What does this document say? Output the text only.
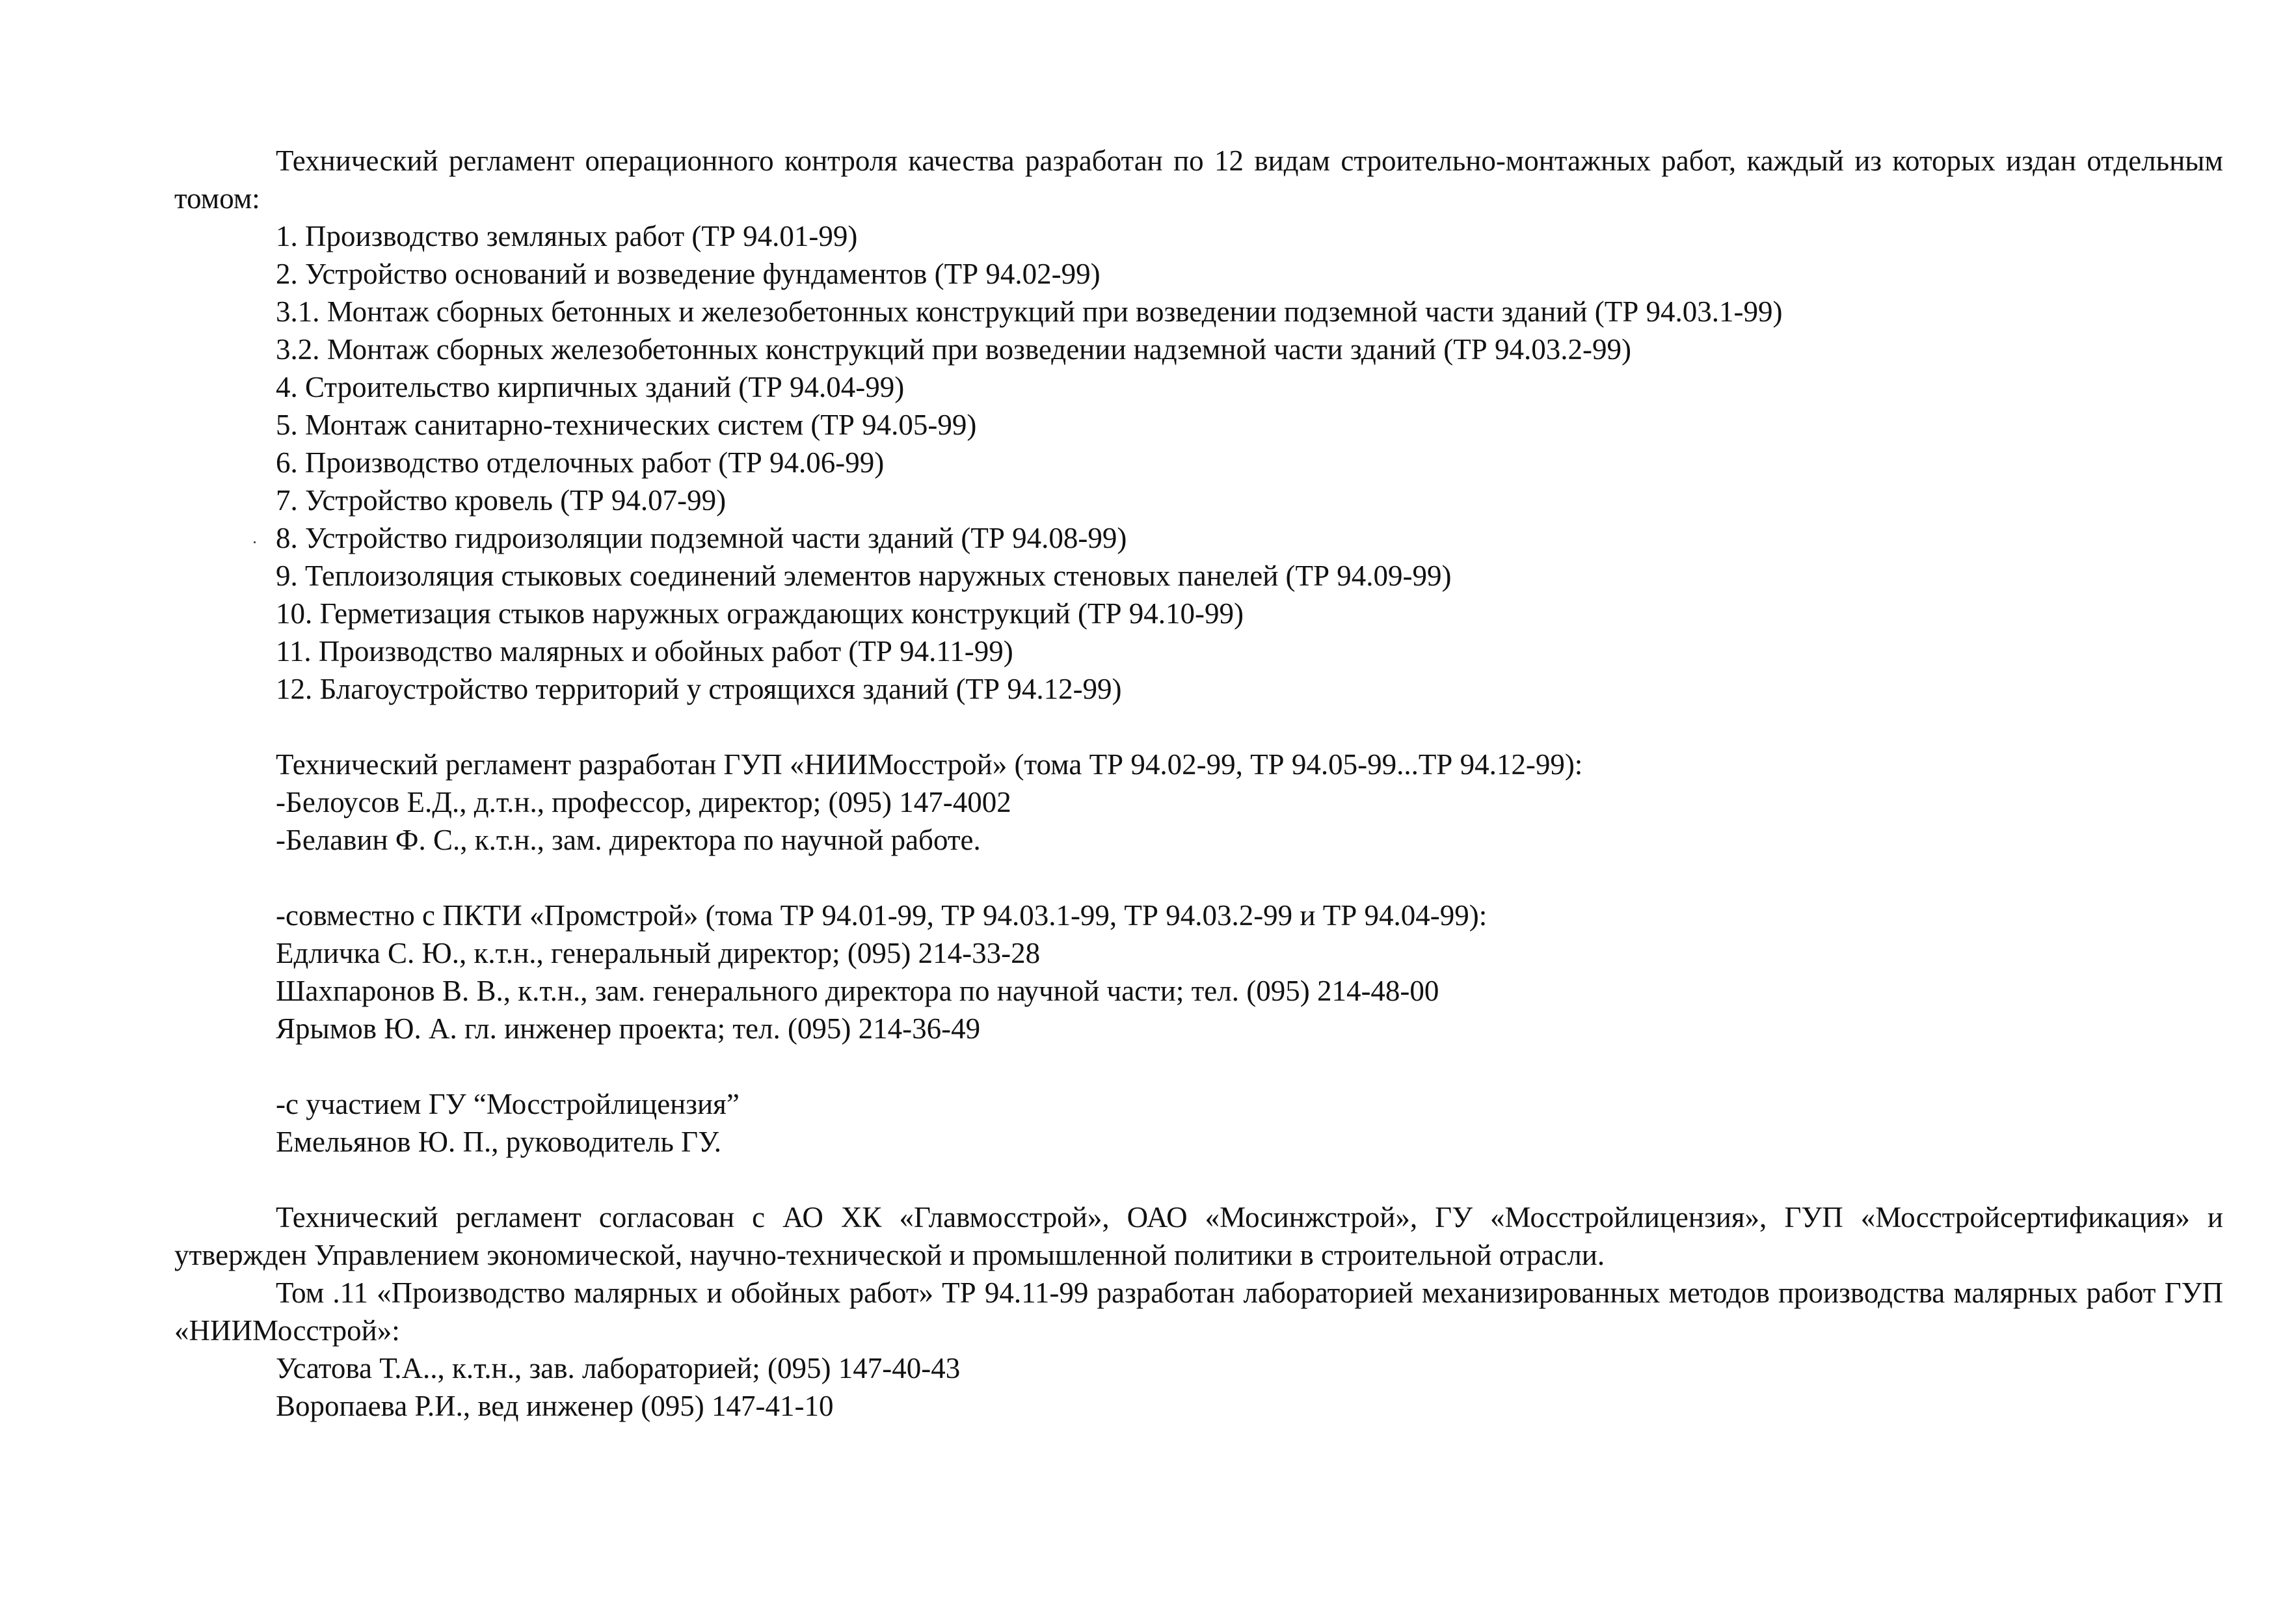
Технический регламент операционного контроля качества разработан по 12 видам строительно-монтажных работ, каждый из которых издан отдельным томом:
1. Производство земляных работ (ТР 94.01-99)
2. Устройство оснований и возведение фундаментов (ТР 94.02-99)
3.1. Монтаж сборных бетонных и железобетонных конструкций при возведении подземной части зданий (ТР 94.03.1-99)
3.2. Монтаж сборных железобетонных конструкций при возведении надземной части зданий (ТР 94.03.2-99)
4. Строительство кирпичных зданий (ТР 94.04-99)
5. Монтаж санитарно-технических систем (ТР 94.05-99)
6. Производство отделочных работ (ТР 94.06-99)
7. Устройство кровель (ТР 94.07-99)
8. Устройство гидроизоляции подземной части зданий (ТР 94.08-99)
9. Теплоизоляция стыковых соединений элементов наружных стеновых панелей (ТР 94.09-99)
10. Герметизация стыков наружных ограждающих конструкций (ТР 94.10-99)
11. Производство малярных и обойных работ (ТР 94.11-99)
12. Благоустройство территорий у строящихся зданий (ТР 94.12-99)
Технический регламент разработан ГУП «НИИМосстрой» (тома ТР 94.02-99, ТР 94.05-99...ТР 94.12-99):
-Белоусов Е.Д., д.т.н., профессор, директор; (095) 147-4002
-Белавин Ф. С., к.т.н., зам. директора по научной работе.
-совместно с ПКТИ «Промстрой» (тома ТР 94.01-99, ТР 94.03.1-99, ТР 94.03.2-99 и ТР 94.04-99):
Едличка С. Ю., к.т.н., генеральный директор; (095) 214-33-28
Шахпаронов В. В., к.т.н., зам. генерального директора по научной части; тел. (095) 214-48-00
Ярымов Ю. А. гл. инженер проекта; тел. (095) 214-36-49
-с участием ГУ “Мосстройлицензия”
Емельянов Ю. П., руководитель ГУ.
Технический регламент согласован с АО ХК «Главмосстрой», ОАО «Мосинжстрой», ГУ «Мосстройлицензия», ГУП «Мосстройсертификация» и утвержден Управлением экономической, научно-технической и промышленной политики в строительной отрасли.
Том .11 «Производство малярных и обойных работ» ТР 94.11-99 разработан лабораторией механизированных методов производства малярных работ ГУП «НИИМосстрой»:
Усатова Т.А.., к.т.н., зав. лабораторией; (095) 147-40-43
Воропаева Р.И., вед инженер (095) 147-41-10
